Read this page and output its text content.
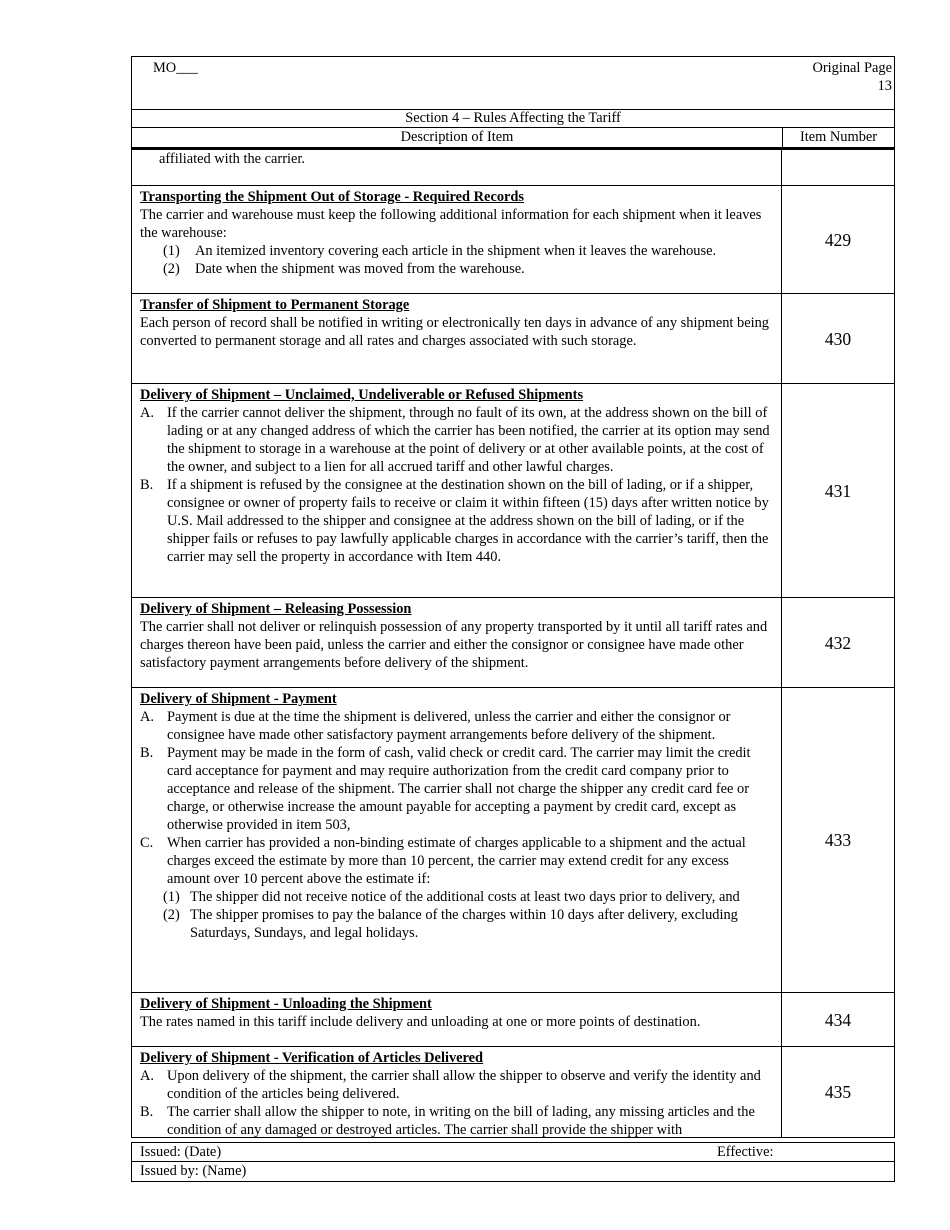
MO___	Original Page
13
Section 4 – Rules Affecting the Tariff
Description of Item	Item Number
affiliated with the carrier.
Transporting the Shipment Out of Storage - Required Records
The carrier and warehouse must keep the following additional information for each shipment when it leaves the warehouse:
(1)	An itemized inventory covering each article in the shipment when it leaves the warehouse.
(2)	Date when the shipment was moved from the warehouse.
429
Transfer of Shipment to Permanent Storage
Each person of record shall be notified in writing or electronically ten days in advance of any shipment being converted to permanent storage and all rates and charges associated with such storage.	430
Delivery of Shipment – Unclaimed, Undeliverable or Refused Shipments
A. If the carrier cannot deliver the shipment, through no fault of its own, at the address shown on the bill of lading or at any changed address of which the carrier has been notified, the carrier at its option may send the shipment to storage in a warehouse at the point of delivery or at other available points, at the cost of the owner, and subject to a lien for all accrued tariff and other lawful charges.
B. If a shipment is refused by the consignee at the destination shown on the bill of lading, or if a shipper, consignee or owner of property fails to receive or claim it within fifteen (15) days after written notice by U.S. Mail addressed to the shipper and consignee at the address shown on the bill of lading, or if the shipper fails or refuses to pay lawfully applicable charges in accordance with the carrier’s tariff, then the carrier may sell the property in accordance with Item 440.
431
Delivery of Shipment – Releasing Possession
The carrier shall not deliver or relinquish possession of any property transported by it until all tariff rates and charges thereon have been paid, unless the carrier and either the consignor or consignee have made other satisfactory payment arrangements before delivery of the shipment.
432
Delivery of Shipment - Payment
A. Payment is due at the time the shipment is delivered, unless the carrier and either the consignor or consignee have made other satisfactory payment arrangements before delivery of the shipment.
B. Payment may be made in the form of cash, valid check or credit card. The carrier may limit the credit card acceptance for payment and may require authorization from the credit card company prior to acceptance and release of the shipment. The carrier shall not charge the shipper any credit card fee or charge, or otherwise increase the amount payable for accepting a payment by credit card, except as otherwise provided in item 503,
C. When carrier has provided a non-binding estimate of charges applicable to a shipment and the actual charges exceed the estimate by more than 10 percent, the carrier may extend credit for any excess amount over 10 percent above the estimate if:
(1) The shipper did not receive notice of the additional costs at least two days prior to delivery, and
(2) The shipper promises to pay the balance of the charges within 10 days after delivery, excluding Saturdays, Sundays, and legal holidays.
433
Delivery of Shipment - Unloading the Shipment
The rates named in this tariff include delivery and unloading at one or more points of destination.	434
Delivery of Shipment - Verification of Articles Delivered
A. Upon delivery of the shipment, the carrier shall allow the shipper to observe and verify the identity and condition of the articles being delivered.
B. The carrier shall allow the shipper to note, in writing on the bill of lading, any missing articles and the condition of any damaged or destroyed articles. The carrier shall provide the shipper with
435
Issued: (Date)	Effective:
Issued by: (Name)
